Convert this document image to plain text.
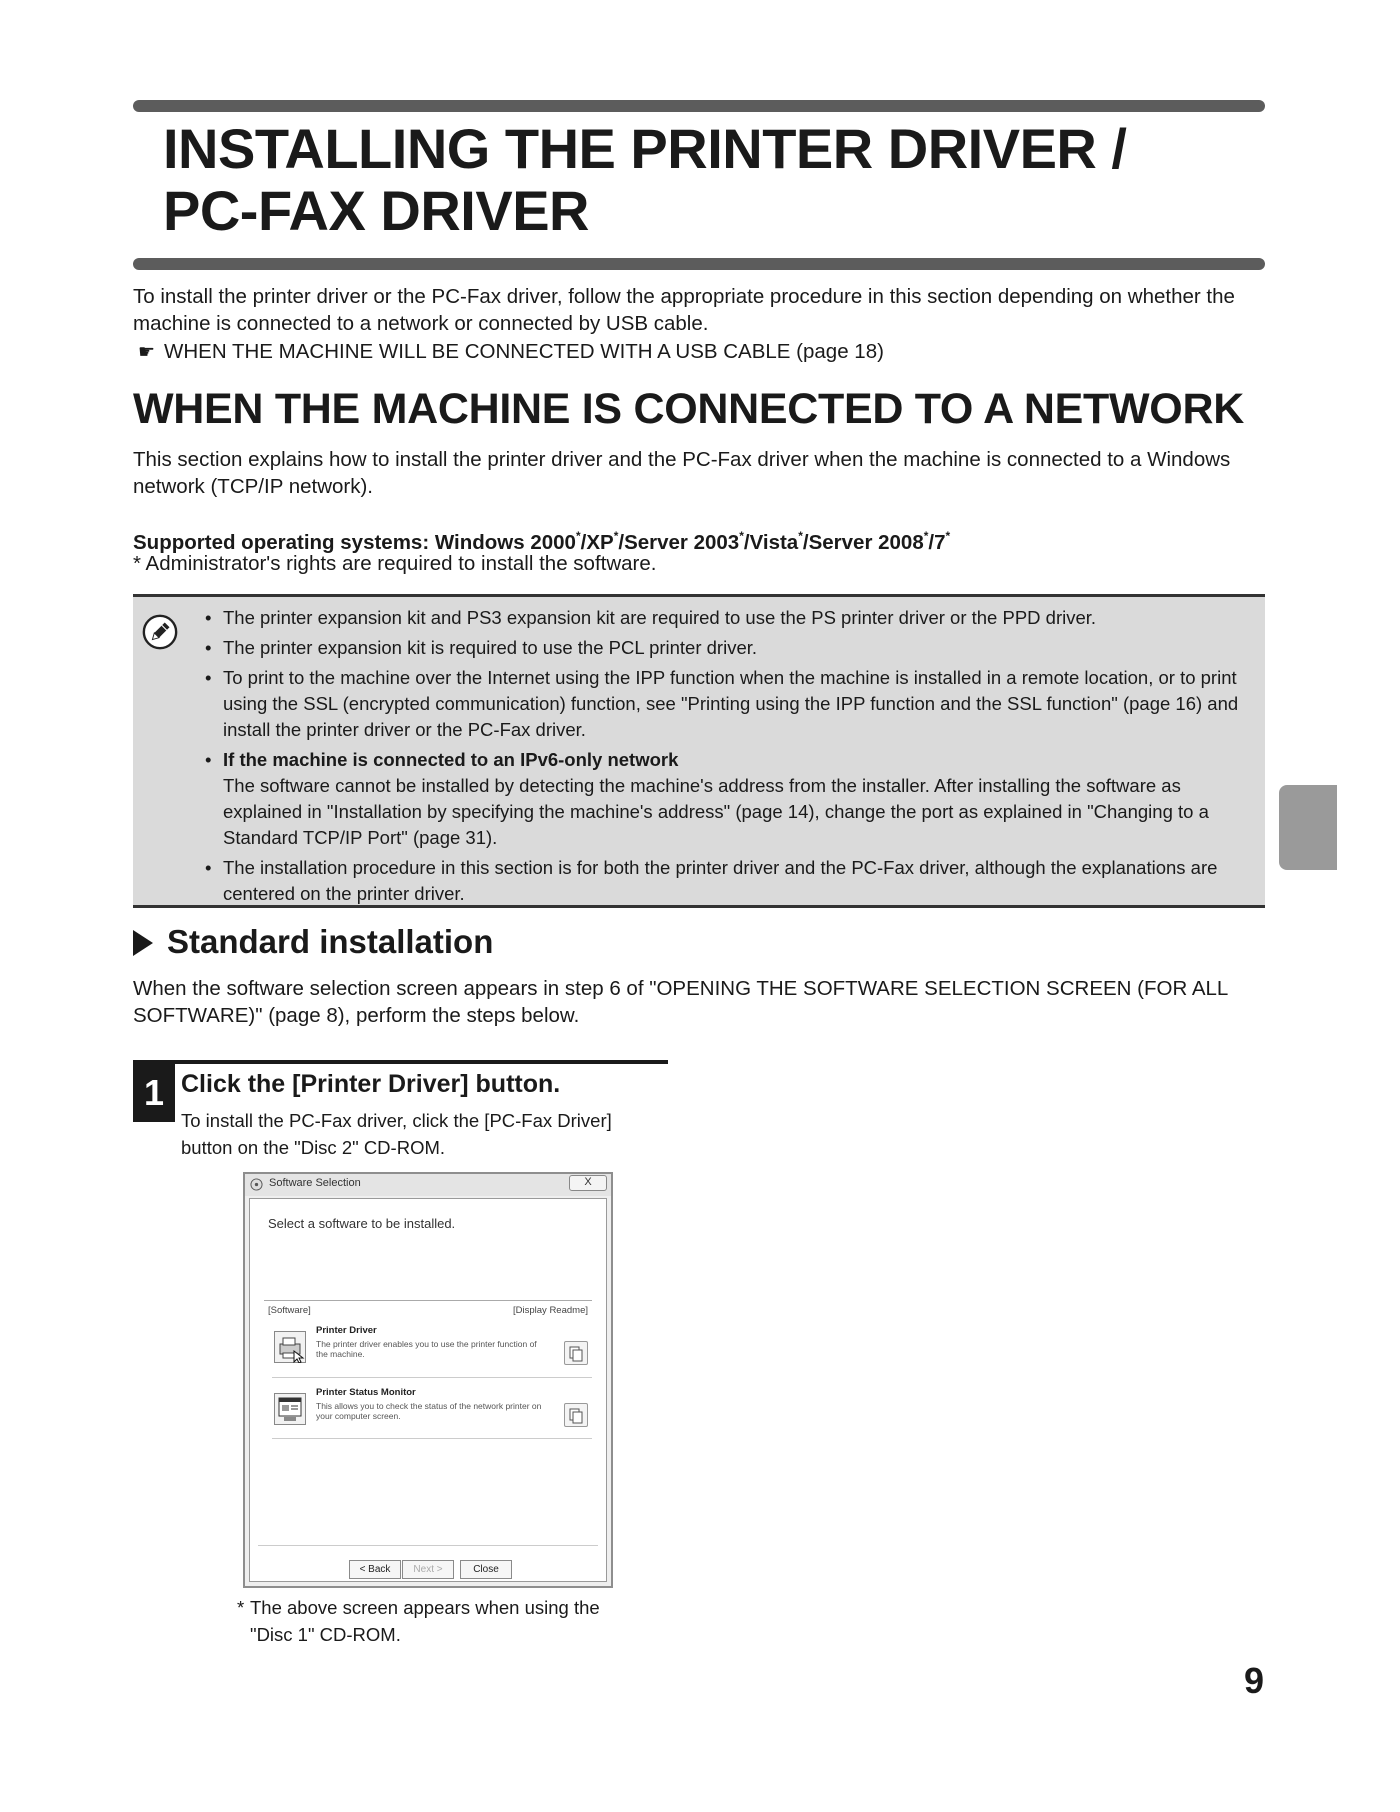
INSTALLING THE PRINTER DRIVER /
PC-FAX DRIVER

To install the printer driver or the PC-Fax driver, follow the appropriate procedure in this section depending on whether the machine is connected to a network or connected by USB cable.

☛ WHEN THE MACHINE WILL BE CONNECTED WITH A USB CABLE (page 18)
WHEN THE MACHINE IS CONNECTED TO A NETWORK

This section explains how to install the printer driver and the PC-Fax driver when the machine is connected to a Windows network (TCP/IP network).

Supported operating systems: Windows 2000*/XP*/Server 2003*/Vista*/Server 2008*/7*

* Administrator's rights are required to install the software.

• The printer expansion kit and PS3 expansion kit are required to use the PS printer driver or the PPD driver.
• The printer expansion kit is required to use the PCL printer driver.
• To print to the machine over the Internet using the IPP function when the machine is installed in a remote location, or to print using the SSL (encrypted communication) function, see "Printing using the IPP function and the SSL function" (page 16) and install the printer driver or the PC-Fax driver.
• If the machine is connected to an IPv6-only network
The software cannot be installed by detecting the machine's address from the installer. After installing the software as explained in "Installation by specifying the machine's address" (page 14), change the port as explained in "Changing to a Standard TCP/IP Port" (page 31).
• The installation procedure in this section is for both the printer driver and the PC-Fax driver, although the explanations are centered on the printer driver.
Standard installation

When the software selection screen appears in step 6 of "OPENING THE SOFTWARE SELECTION SCREEN (FOR ALL SOFTWARE)" (page 8), perform the steps below.

1 Click the [Printer Driver] button.

To install the PC-Fax driver, click the [PC-Fax Driver] button on the "Disc 2" CD-ROM.

Software Selection	X
Select a software to be installed.
[Software]	[Display Readme]
Printer Driver
The printer driver enables you to use the printer function of the machine.
Printer Status Monitor
This allows you to check the status of the network printer on your computer screen.
< Back	Next >	Close

* The above screen appears when using the "Disc 1" CD-ROM.

9
